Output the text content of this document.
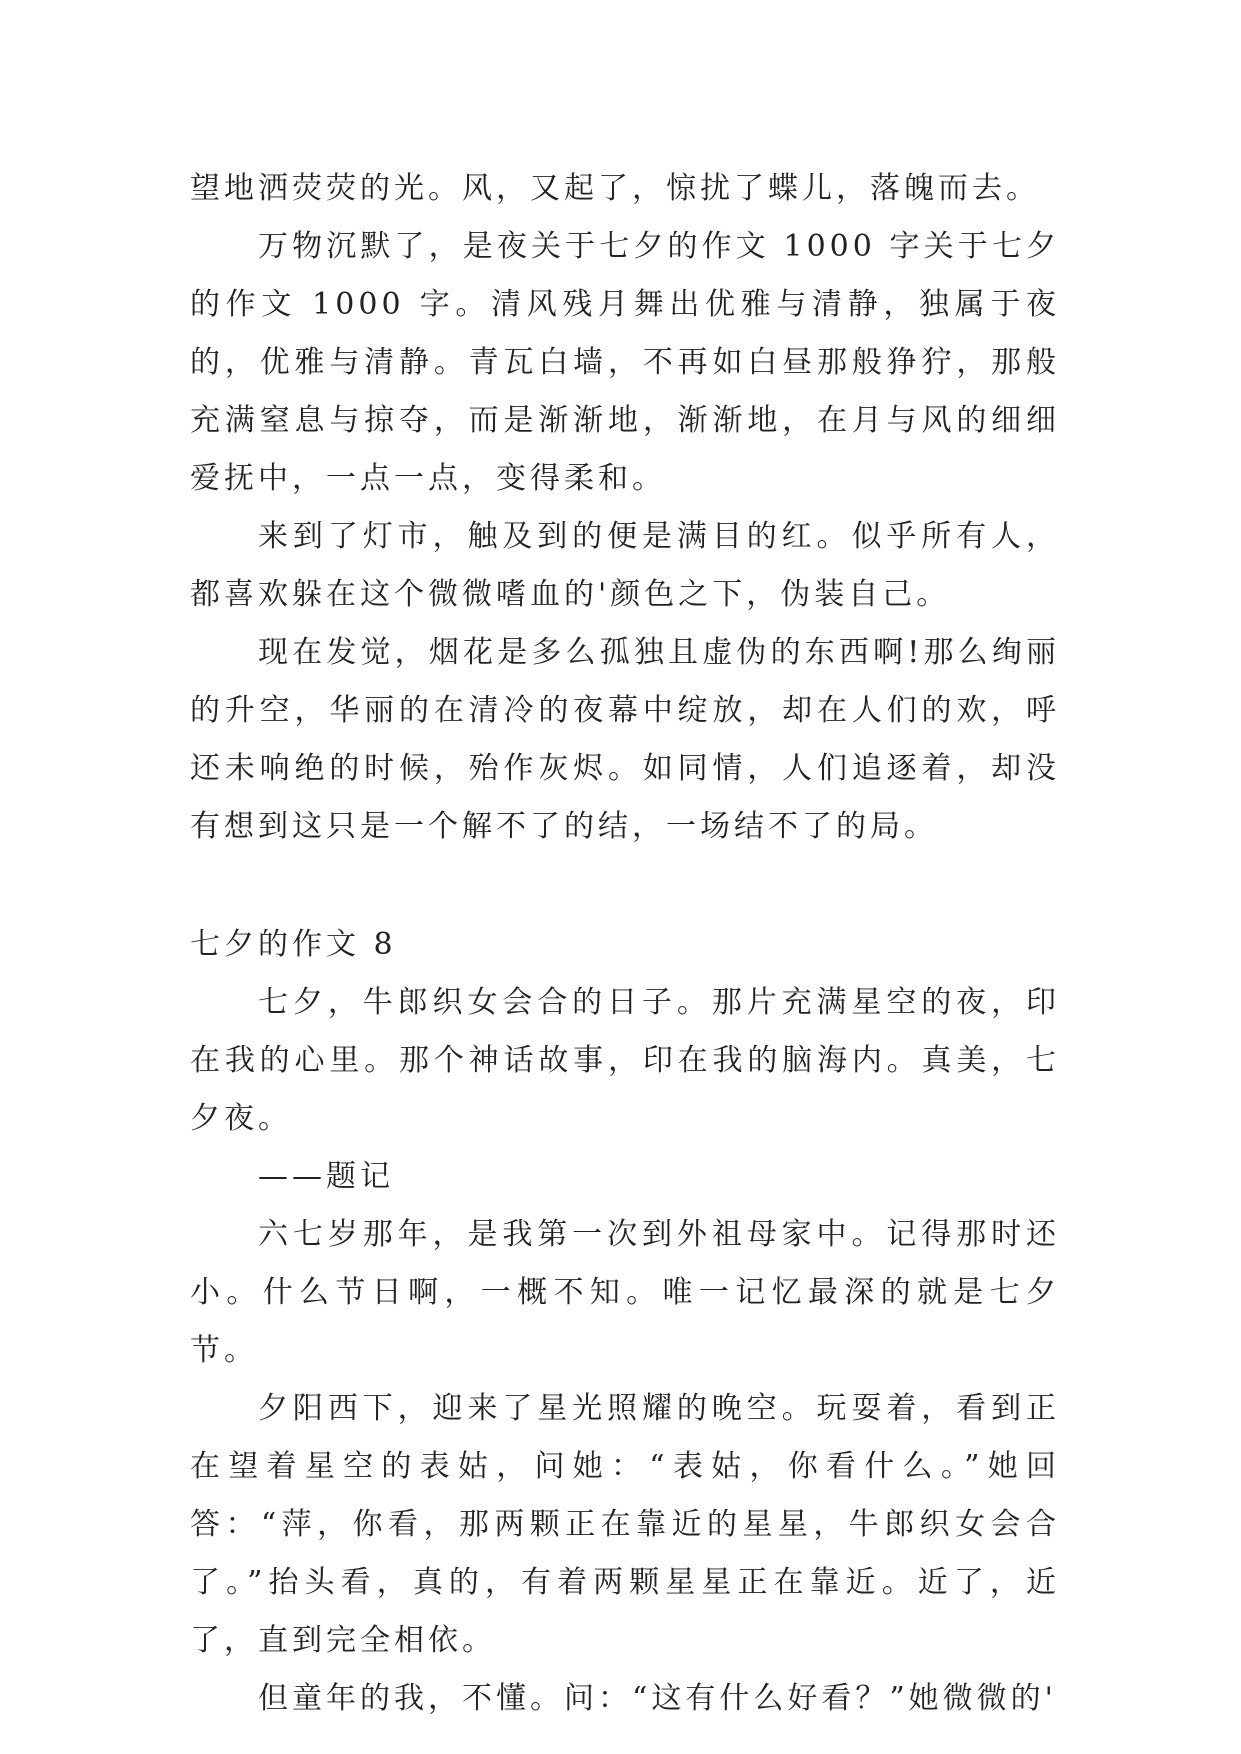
望地洒荧荧的光。风，又起了，惊扰了蝶儿，落魄而去。

万物沉默了，是夜关于七夕的作文 1000 字关于七夕的作文 1000 字。清风残月舞出优雅与清静，独属于夜的，优雅与清静。青瓦白墙，不再如白昼那般狰狞，那般充满窒息与掠夺，而是渐渐地，渐渐地，在月与风的细细爱抚中，一点一点，变得柔和。

来到了灯市，触及到的便是满目的红。似乎所有人，都喜欢躲在这个微微嗜血的'颜色之下，伪装自己。

现在发觉，烟花是多么孤独且虚伪的东西啊!那么绚丽的升空，华丽的在清冷的夜幕中绽放，却在人们的欢，呼还未响绝的时候，殆作灰烬。如同情，人们追逐着，却没有想到这只是一个解不了的结，一场结不了的局。

七夕的作文 8

七夕，牛郎织女会合的日子。那片充满星空的夜，印在我的心里。那个神话故事，印在我的脑海内。真美，七夕夜。

——题记

六七岁那年，是我第一次到外祖母家中。记得那时还小。什么节日啊，一概不知。唯一记忆最深的就是七夕节。

夕阳西下，迎来了星光照耀的晚空。玩耍着，看到正在望着星空的表姑，问她：“表姑，你看什么。”她回答：“萍，你看，那两颗正在靠近的星星，牛郎织女会合了。”抬头看，真的，有着两颗星星正在靠近。近了，近了，直到完全相依。

但童年的我，不懂。问：“这有什么好看？”她微微的'
